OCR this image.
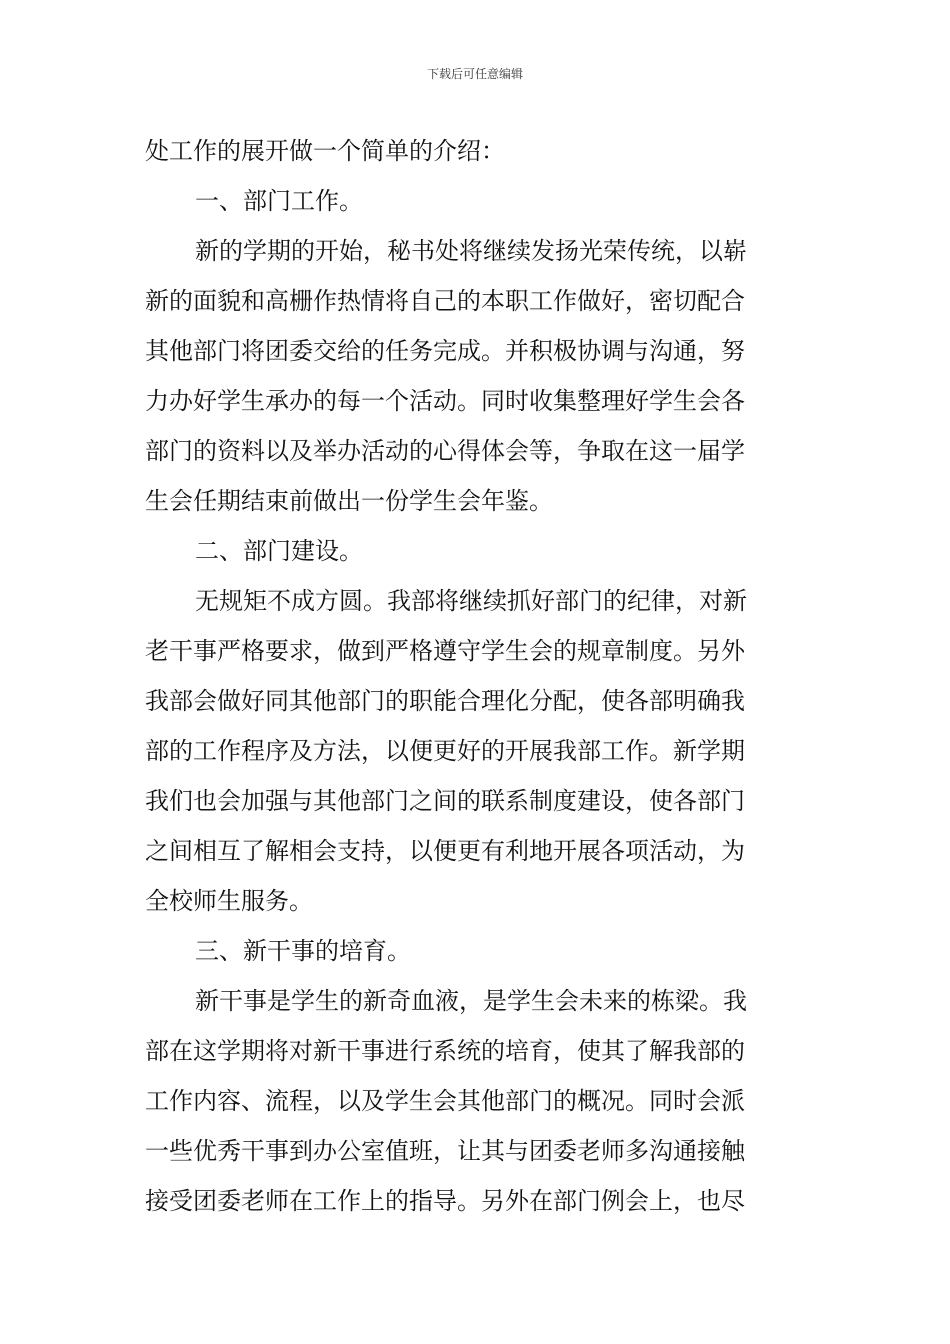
下载后可任意编辑
处工作的展开做一个简单的介绍：
一、部门工作。
新的学期的开始，秘书处将继续发扬光荣传统，以崭
新的面貌和高栅作热情将自己的本职工作做好，密切配合
其他部门将团委交给的任务完成。并积极协调与沟通，努
力办好学生承办的每一个活动。同时收集整理好学生会各
部门的资料以及举办活动的心得体会等，争取在这一届学
生会任期结束前做出一份学生会年鉴。
二、部门建设。
无规矩不成方圆。我部将继续抓好部门的纪律，对新
老干事严格要求，做到严格遵守学生会的规章制度。另外
我部会做好同其他部门的职能合理化分配，使各部明确我
部的工作程序及方法，以便更好的开展我部工作。新学期
我们也会加强与其他部门之间的联系制度建设，使各部门
之间相互了解相会支持，以便更有利地开展各项活动，为
全校师生服务。
三、新干事的培育。
新干事是学生的新奇血液，是学生会未来的栋梁。我
部在这学期将对新干事进行系统的培育，使其了解我部的
工作内容、流程，以及学生会其他部门的概况。同时会派
一些优秀干事到办公室值班，让其与团委老师多沟通接触
接受团委老师在工作上的指导。另外在部门例会上，也尽
